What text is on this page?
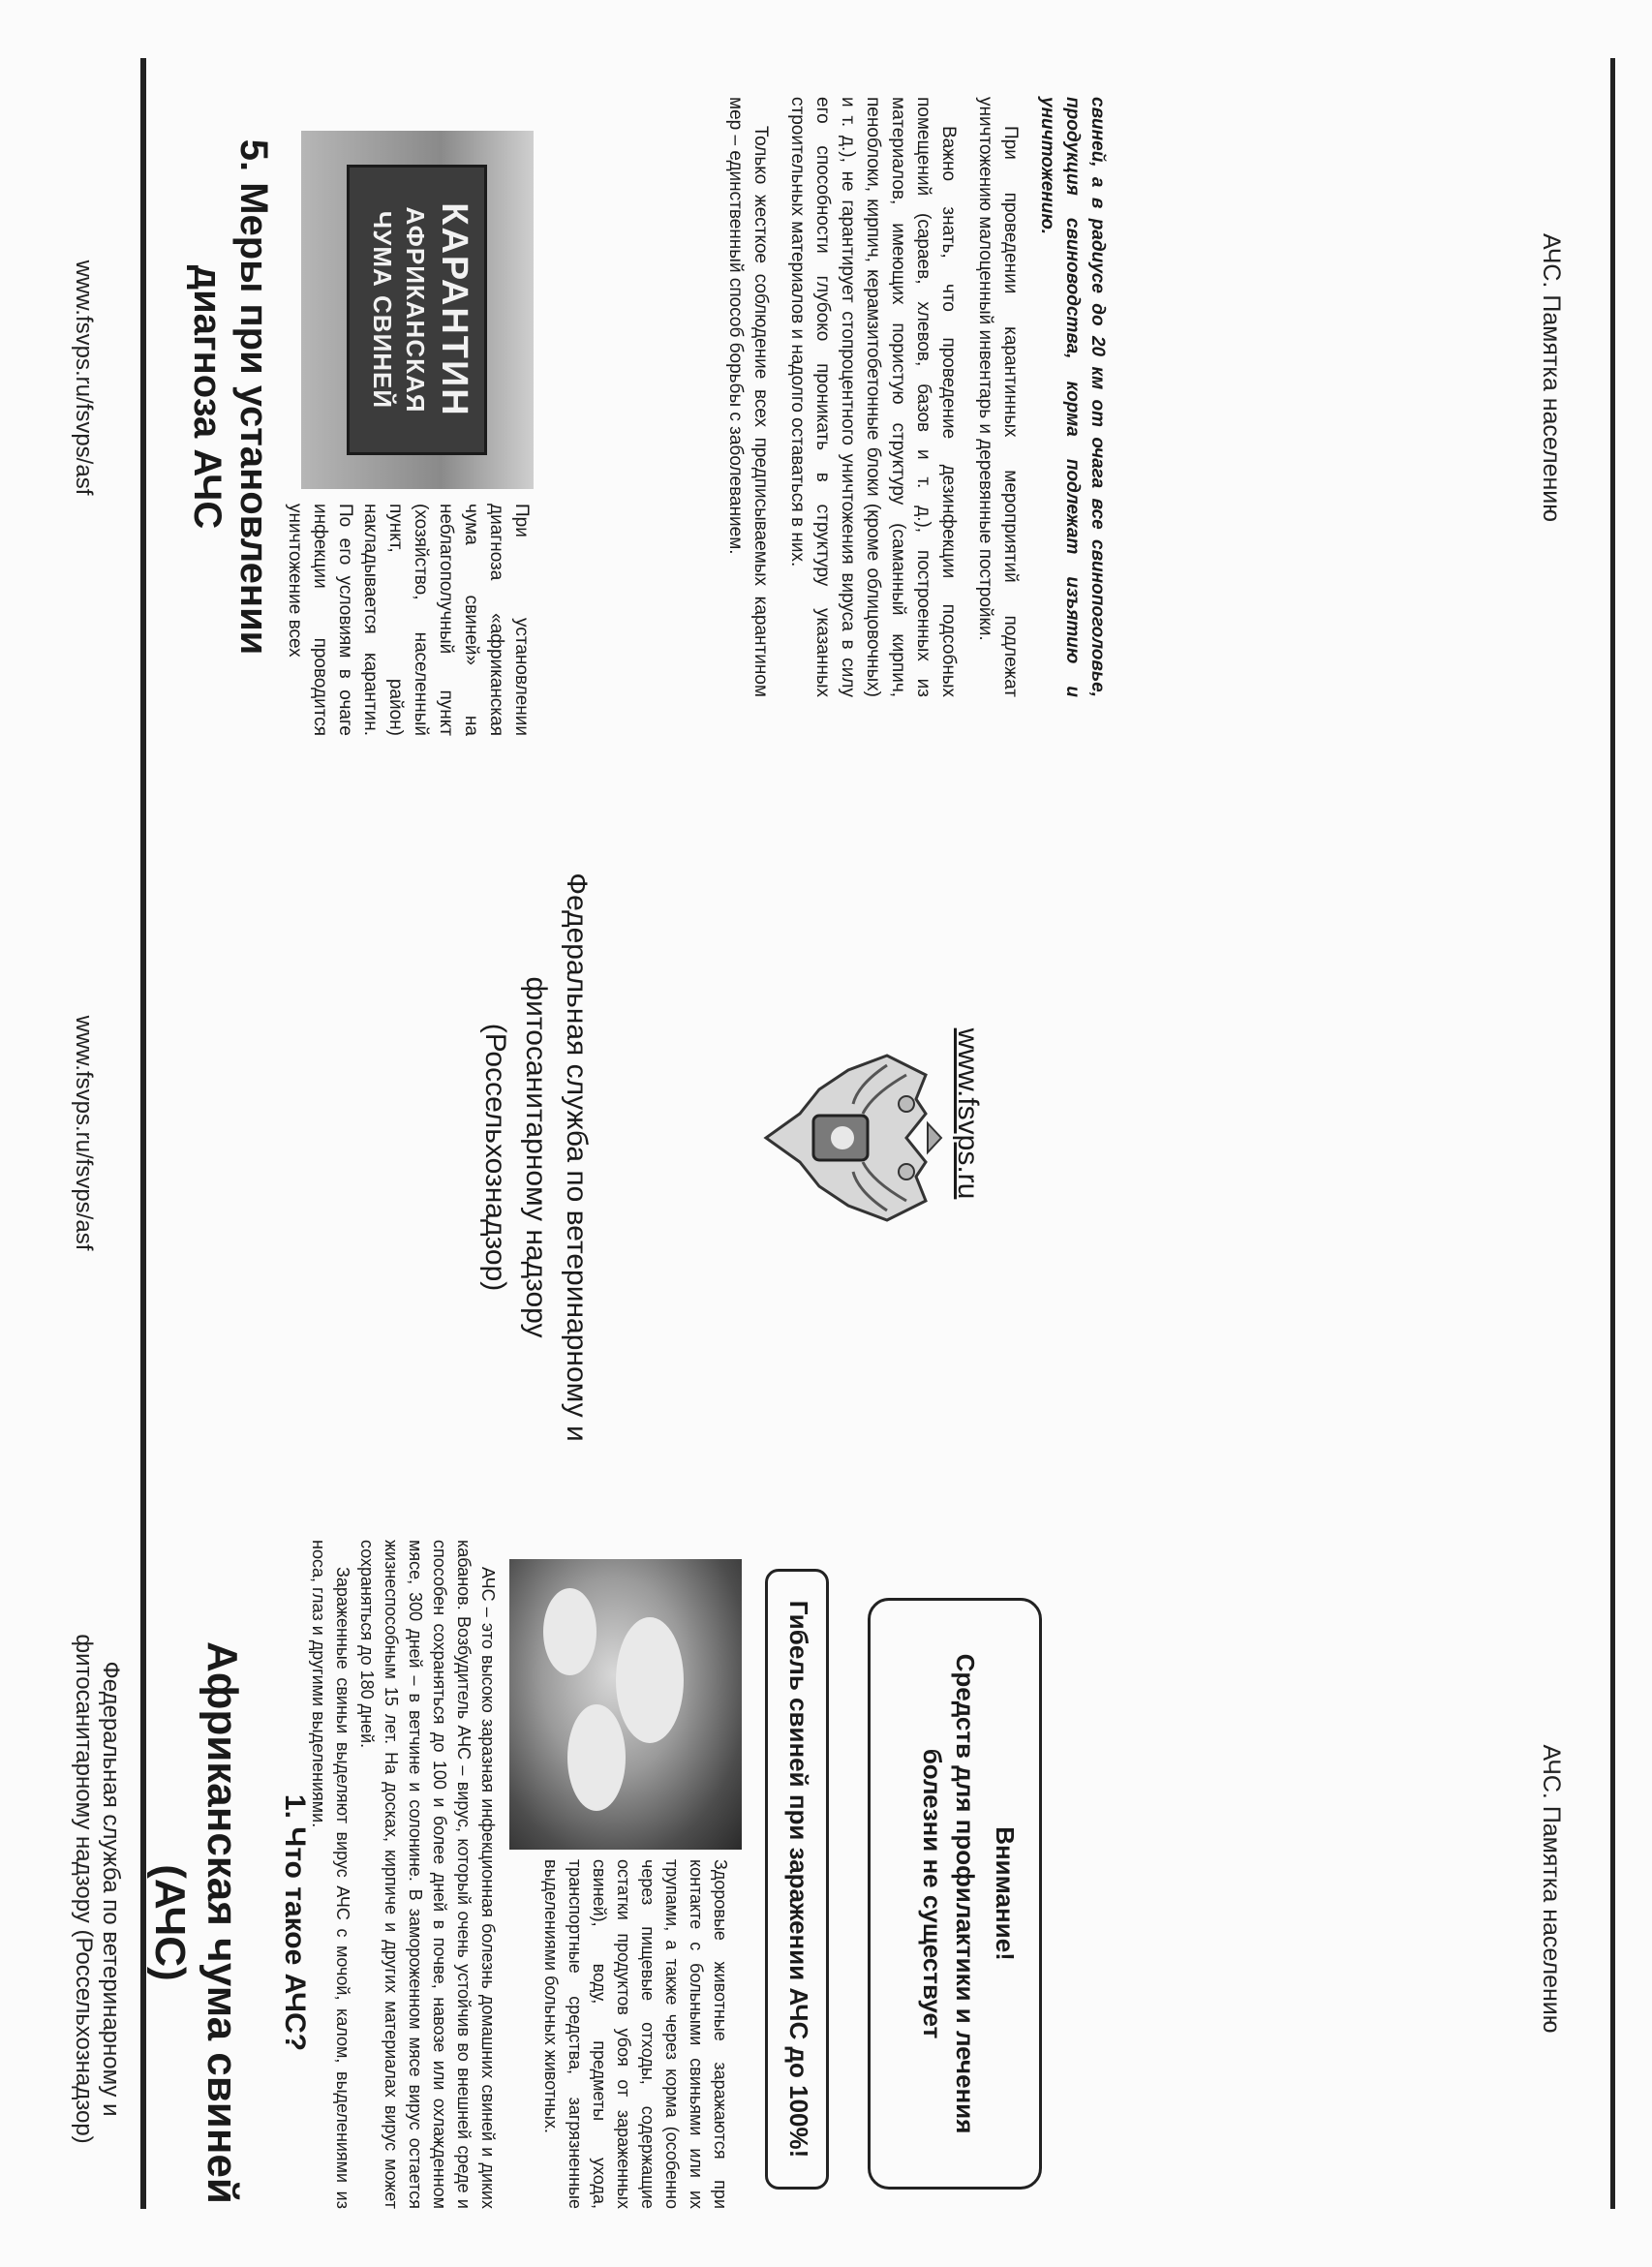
АЧС. Памятка населению
Африканская чума свиней (АЧС)	1. Что такое АЧС?	АЧС – это высоко заразная инфекционная болезнь домашних свиней и диких кабанов. Возбудитель АЧС – вирус, который очень устойчив во внешней среде и способен сохраняться до 100 и более дней в почве, навозе или охлажденном мясе, 300 дней – в ветчине и солонине. В замороженном мясе вирус остается жизнеспособным 15 лет. На досках, кирпиче и других материалах вирус может сохраняться до 180 дней.

Зараженные свиньи выделяют вирус АЧС с мочой, калом, выделениями из носа, глаз и другими выделениями.

Здоровые животные заражаются при контакте с больными свиньями или их трупами, а также через корма (особенно через пищевые отходы, содержащие остатки продуктов убоя от зараженных свиней), воду, предметы ухода, транспортные средства, загрязненные выделениями больных животных.	Гибель свиней при заражении АЧС до 100%!	Внимание!
Средств для профилактики и лечения болезни не существует
Федеральная служба по ветеринарному и фитосанитарному надзору (Россельхознадзор)
Федеральная служба по ветеринарному и фитосанитарному надзору (Россельхознадзор)	www.fsvps.ru
www.fsvps.ru/fsvps/asf
АЧС. Памятка населению
5. Меры при установлении диагноза АЧС	КАРАНТИН
АФРИКАНСКАЯ
ЧУМА СВИНЕЙ
При установлении диагноза «африканская чума свиней» на неблагополучный пункт (хозяйство, населенный пункт, район) накладывается карантин. По его условиям в очаге инфекции проводится уничтожение всех	свиней, а в радиусе до 20 км от очага все свинопоголовье, продукция свиноводства, корма подлежат изъятию и уничтожению.

При проведении карантинных мероприятий подлежат уничтожению малоценный инвентарь и деревянные постройки.

Важно знать, что проведение дезинфекции подсобных помещений (сараев, хлевов, базов и т. д.), построенных из материалов, имеющих пористую структуру (саманный кирпич, пеноблоки, кирпич, керамзитобетонные блоки (кроме облицовочных) и т. д.), не гарантирует стопроцентного уничтожения вируса в силу его способности глубоко проникать в структуру указанных строительных материалов и надолго оставаться в них.

Только жесткое соблюдение всех предписываемых карантином мер – единственный способ борьбы с заболеванием.

www.fsvps.ru/fsvps/asf
